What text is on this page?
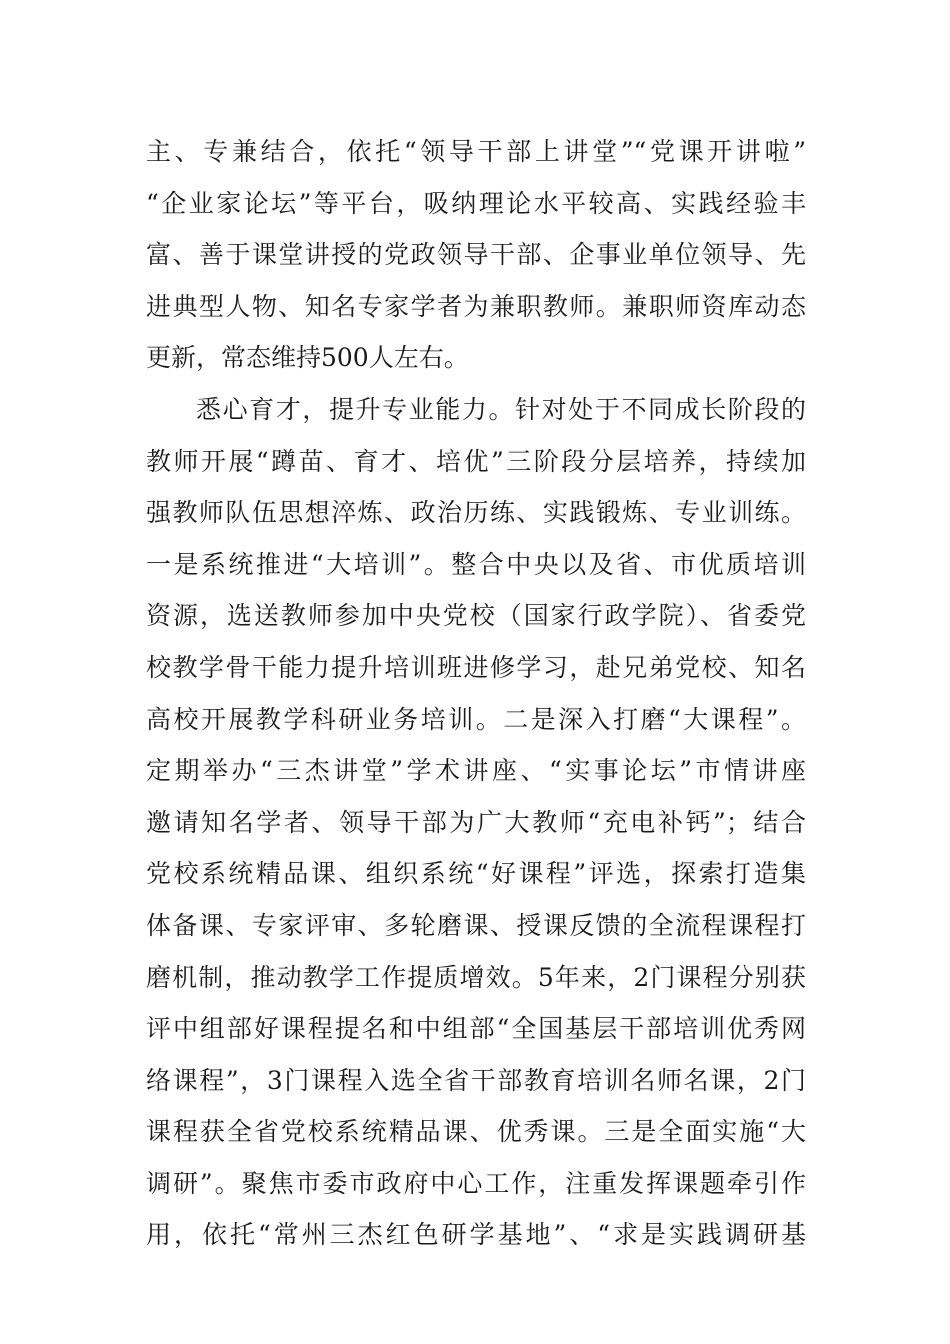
主、专兼结合，依托“领导干部上讲堂”“党课开讲啦”
“企业家论坛”等平台，吸纳理论水平较高、实践经验丰
富、善于课堂讲授的党政领导干部、企事业单位领导、先
进典型人物、知名专家学者为兼职教师。兼职师资库动态
更新，常态维持500人左右。
悉心育才，提升专业能力。针对处于不同成长阶段的
教师开展“蹲苗、育才、培优”三阶段分层培养，持续加
强教师队伍思想淬炼、政治历练、实践锻炼、专业训练。
一是系统推进“大培训”。整合中央以及省、市优质培训
资源，选送教师参加中央党校（国家行政学院）、省委党
校教学骨干能力提升培训班进修学习，赴兄弟党校、知名
高校开展教学科研业务培训。二是深入打磨“大课程”。
定期举办“三杰讲堂”学术讲座、“实事论坛”市情讲座
邀请知名学者、领导干部为广大教师“充电补钙”；结合
党校系统精品课、组织系统“好课程”评选，探索打造集
体备课、专家评审、多轮磨课、授课反馈的全流程课程打
磨机制，推动教学工作提质增效。5年来，2门课程分别获
评中组部好课程提名和中组部“全国基层干部培训优秀网
络课程”，3门课程入选全省干部教育培训名师名课，2门
课程获全省党校系统精品课、优秀课。三是全面实施“大
调研”。聚焦市委市政府中心工作，注重发挥课题牵引作
用，依托“常州三杰红色研学基地”、“求是实践调研基
